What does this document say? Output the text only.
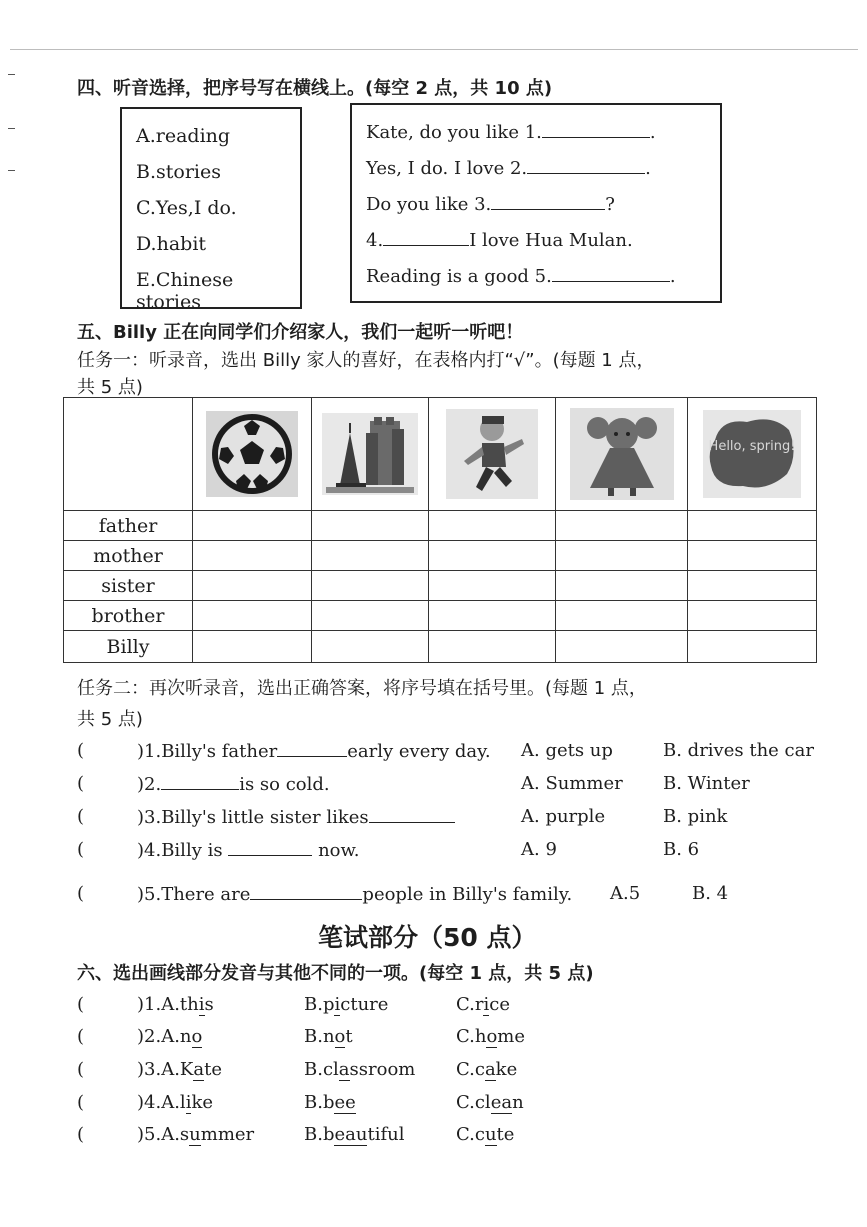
四、听音选择，把序号写在横线上。(每空 2 点，共 10 点)
A.reading
B.stories
C.Yes,I do.
D.habit
E.Chinese stories
Kate, do you like 1.	.
Yes, I do. I love 2.	.
Do you like 3.	?
4.	I love Hua Mulan.
Reading is a good 5.	.
五、Billy 正在向同学们介绍家人，我们一起听一听吧！
任务一：听录音，选出 Billy 家人的喜好，在表格内打“√”。(每题 1 点，
共 5 点)

Hello, spring!

father					
mother					
sister					
brother					
Billy					
任务二：再次听录音，选出正确答案，将序号填在括号里。(每题 1 点，
共 5 点)
(	)1.Billy's father	early every day. A. gets up	B. drives the car
(	)2.	is so cold.	A. Summer B. Winter
(	)3.Billy's little sister likes	A. purple	B. pink
(	)4.Billy is	now.	A. 9	B. 6
(	)5.There are	people in Billy's family. A.5	B. 4
笔试部分（50 点）
六、选出画线部分发音与其他不同的一项。(每空 1 点，共 5 点)
(	)1.A.this	B.picture	C.rice
(	)2.A.no	B.not	C.home
(	)3.A.Kate	B.classroom C.cake
(	)4.A.like	B.bee	C.clean
(	)5.A.summer	B.beautiful	C.cute
